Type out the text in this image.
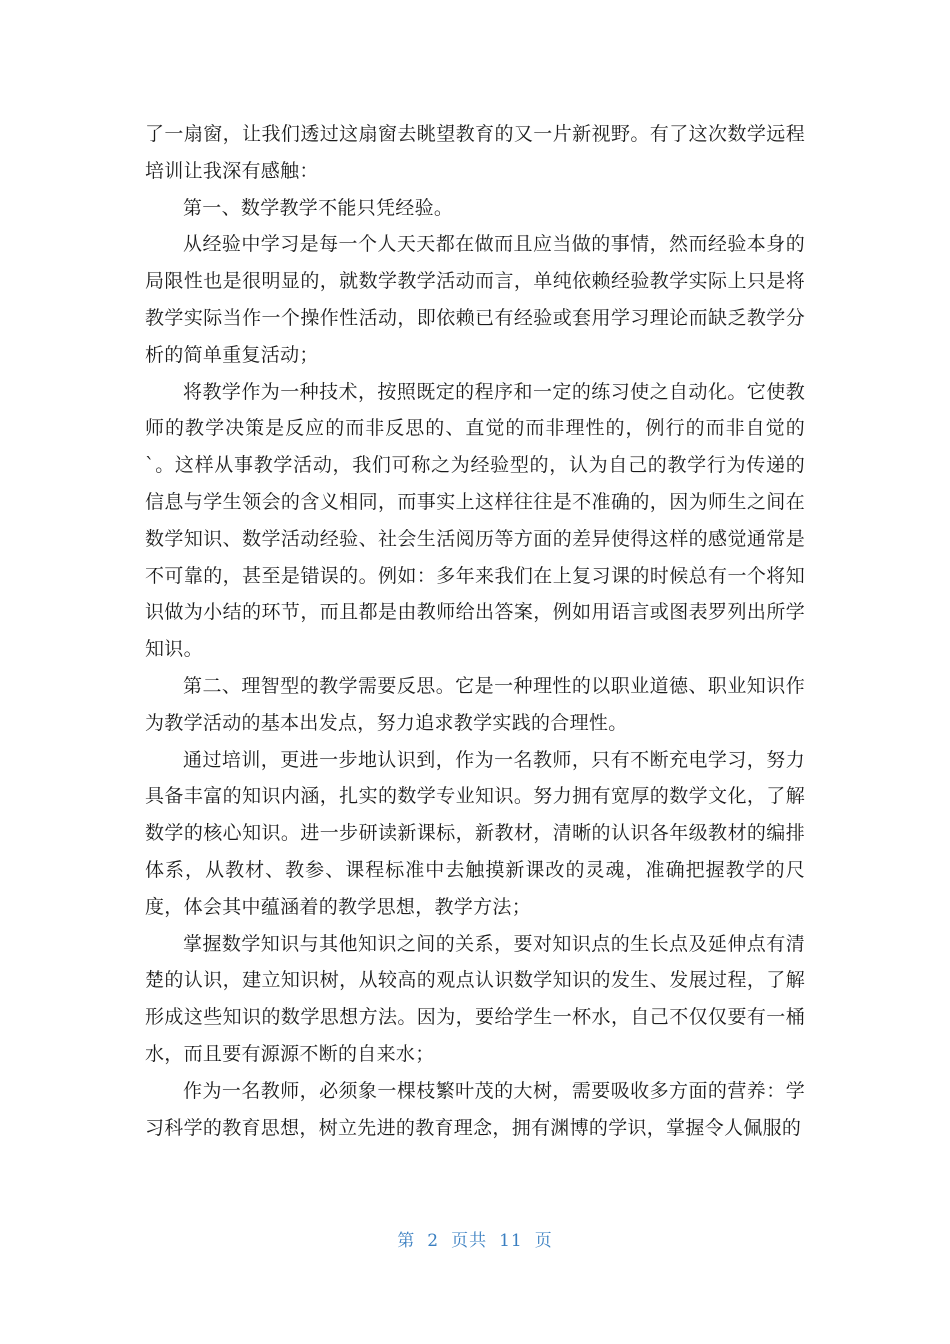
了一扇窗，让我们透过这扇窗去眺望教育的又一片新视野。有了这次数学远程培训让我深有感触：

第一、数学教学不能只凭经验。

从经验中学习是每一个人天天都在做而且应当做的事情，然而经验本身的局限性也是很明显的，就数学教学活动而言，单纯依赖经验教学实际上只是将教学实际当作一个操作性活动，即依赖已有经验或套用学习理论而缺乏教学分析的简单重复活动；

将教学作为一种技术，按照既定的程序和一定的练习使之自动化。它使教师的教学决策是反应的而非反思的、直觉的而非理性的，例行的而非自觉的`。这样从事教学活动，我们可称之为经验型的，认为自己的教学行为传递的信息与学生领会的含义相同，而事实上这样往往是不准确的，因为师生之间在数学知识、数学活动经验、社会生活阅历等方面的差异使得这样的感觉通常是不可靠的，甚至是错误的。例如：多年来我们在上复习课的时候总有一个将知识做为小结的环节，而且都是由教师给出答案，例如用语言或图表罗列出所学知识。

第二、理智型的教学需要反思。它是一种理性的以职业道德、职业知识作为教学活动的基本出发点，努力追求教学实践的合理性。

通过培训，更进一步地认识到，作为一名教师，只有不断充电学习，努力具备丰富的知识内涵，扎实的数学专业知识。努力拥有宽厚的数学文化，了解数学的核心知识。进一步研读新课标，新教材，清晰的认识各年级教材的编排体系，从教材、教参、课程标准中去触摸新课改的灵魂，准确把握教学的尺度，体会其中蕴涵着的教学思想，教学方法；

掌握数学知识与其他知识之间的关系，要对知识点的生长点及延伸点有清楚的认识，建立知识树，从较高的观点认识数学知识的发生、发展过程，了解形成这些知识的数学思想方法。因为，要给学生一杯水，自己不仅仅要有一桶水，而且要有源源不断的自来水；

作为一名教师，必须象一棵枝繁叶茂的大树，需要吸收多方面的营养：学习科学的教育思想，树立先进的教育理念，拥有渊博的学识，掌握令人佩服的

第 2 页共 11 页
